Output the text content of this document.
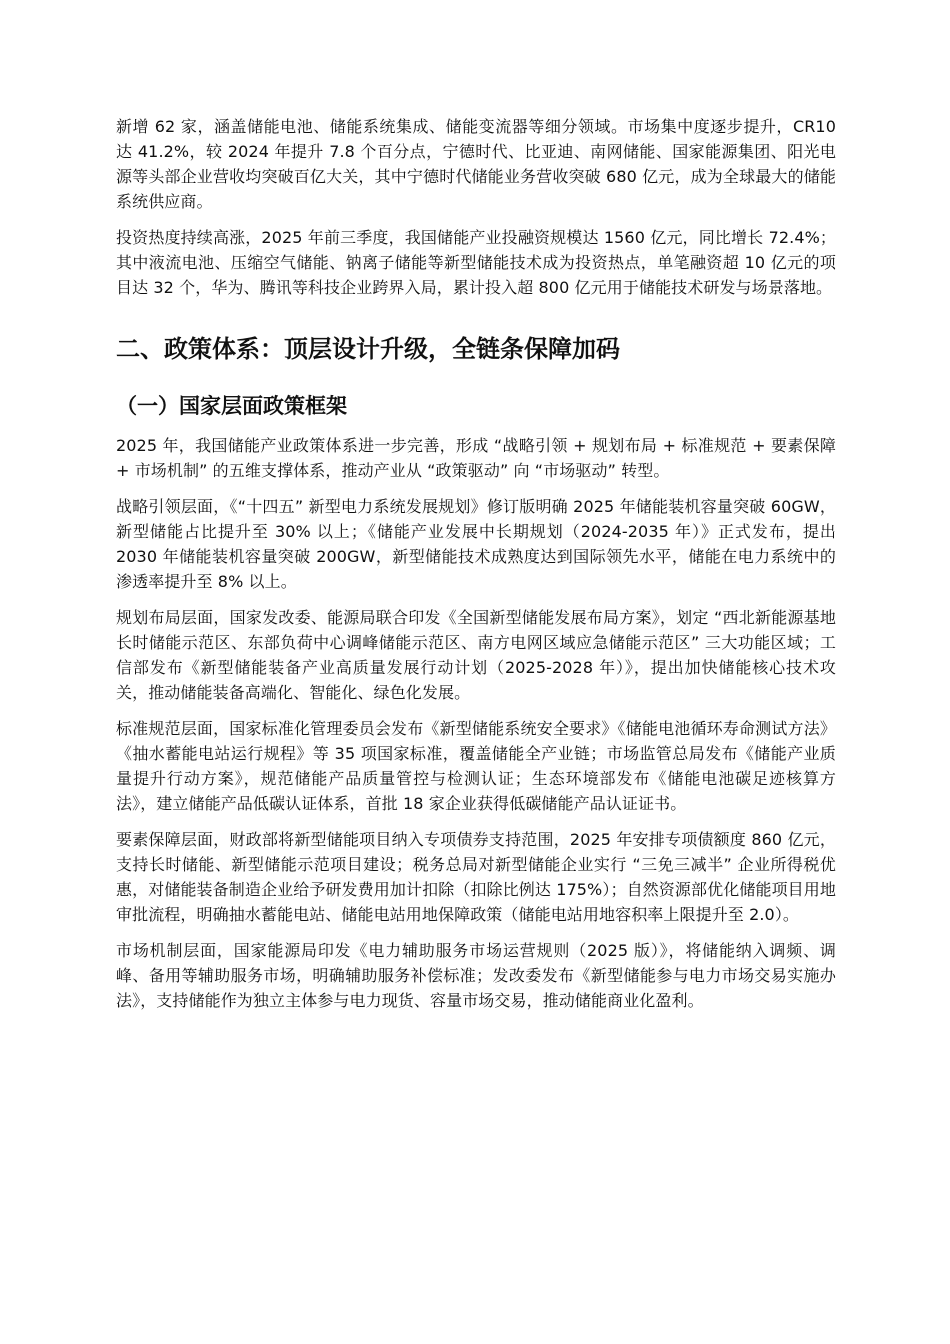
新增 62 家，涵盖储能电池、储能系统集成、储能变流器等细分领域。市场集中度逐步提升，CR10 达 41.2%，较 2024 年提升 7.8 个百分点，宁德时代、比亚迪、南网储能、国家能源集团、阳光电源等头部企业营收均突破百亿大关，其中宁德时代储能业务营收突破 680 亿元，成为全球最大的储能系统供应商。

投资热度持续高涨，2025 年前三季度，我国储能产业投融资规模达 1560 亿元，同比增长 72.4%；其中液流电池、压缩空气储能、钠离子储能等新型储能技术成为投资热点，单笔融资超 10 亿元的项目达 32 个，华为、腾讯等科技企业跨界入局，累计投入超 800 亿元用于储能技术研发与场景落地。

二、政策体系：顶层设计升级，全链条保障加码
（一）国家层面政策框架

2025 年，我国储能产业政策体系进一步完善，形成 “战略引领 + 规划布局 + 标准规范 + 要素保障 + 市场机制” 的五维支撑体系，推动产业从 “政策驱动” 向 “市场驱动” 转型。

战略引领层面，《“十四五” 新型电力系统发展规划》修订版明确 2025 年储能装机容量突破 60GW，新型储能占比提升至 30% 以上；《储能产业发展中长期规划（2024-2035 年）》正式发布，提出 2030 年储能装机容量突破 200GW，新型储能技术成熟度达到国际领先水平，储能在电力系统中的渗透率提升至 8% 以上。

规划布局层面，国家发改委、能源局联合印发《全国新型储能发展布局方案》，划定 “西北新能源基地长时储能示范区、东部负荷中心调峰储能示范区、南方电网区域应急储能示范区” 三大功能区域；工信部发布《新型储能装备产业高质量发展行动计划（2025-2028 年）》，提出加快储能核心技术攻关，推动储能装备高端化、智能化、绿色化发展。

标准规范层面，国家标准化管理委员会发布《新型储能系统安全要求》《储能电池循环寿命测试方法》《抽水蓄能电站运行规程》等 35 项国家标准，覆盖储能全产业链；市场监管总局发布《储能产业质量提升行动方案》，规范储能产品质量管控与检测认证；生态环境部发布《储能电池碳足迹核算方法》，建立储能产品低碳认证体系，首批 18 家企业获得低碳储能产品认证证书。

要素保障层面，财政部将新型储能项目纳入专项债券支持范围，2025 年安排专项债额度 860 亿元，支持长时储能、新型储能示范项目建设；税务总局对新型储能企业实行 “三免三减半” 企业所得税优惠，对储能装备制造企业给予研发费用加计扣除（扣除比例达 175%）；自然资源部优化储能项目用地审批流程，明确抽水蓄能电站、储能电站用地保障政策（储能电站用地容积率上限提升至 2.0）。

市场机制层面，国家能源局印发《电力辅助服务市场运营规则（2025 版）》，将储能纳入调频、调峰、备用等辅助服务市场，明确辅助服务补偿标准；发改委发布《新型储能参与电力市场交易实施办法》，支持储能作为独立主体参与电力现货、容量市场交易，推动储能商业化盈利。
